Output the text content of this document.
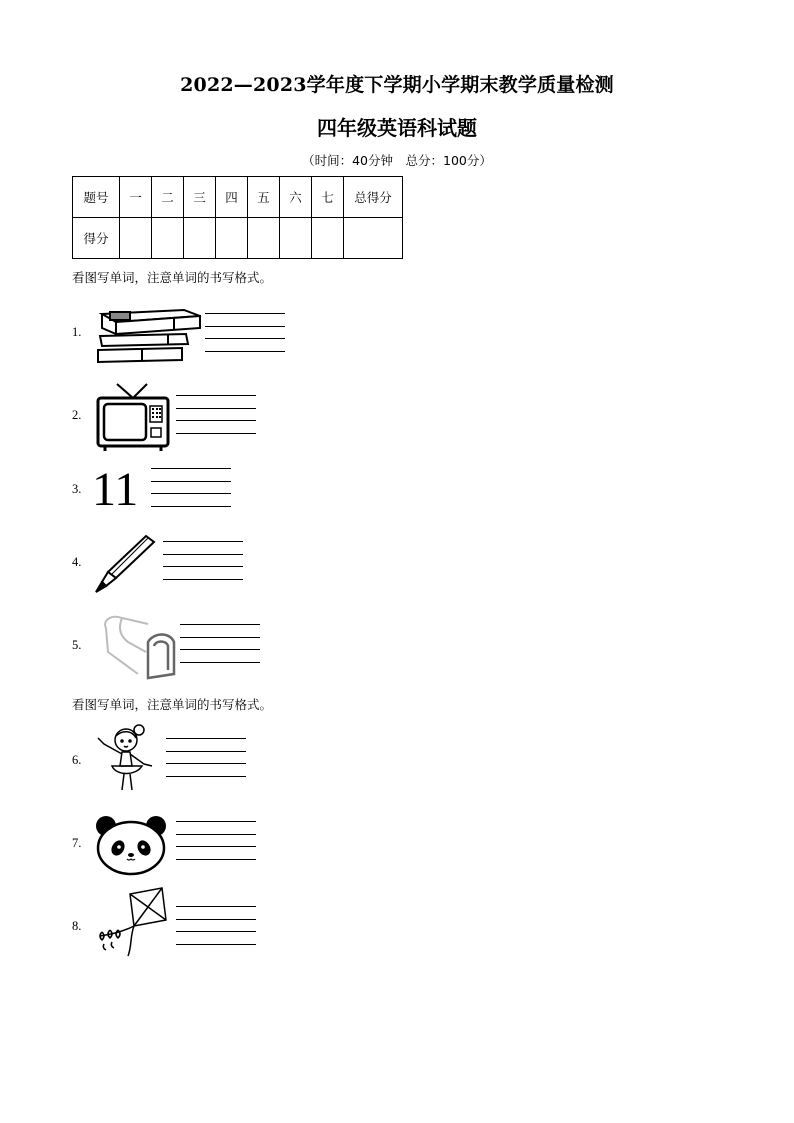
2022—2023学年度下学期小学期末教学质量检测
四年级英语科试题
（时间：40分钟　总分：100分）
题号	一	二	三	四	五	六	七	总得分
得分								
看图写单词，注意单词的书写格式。
1.
2.
3. 11
4.
5.
看图写单词，注意单词的书写格式。
6.
7.
8.
